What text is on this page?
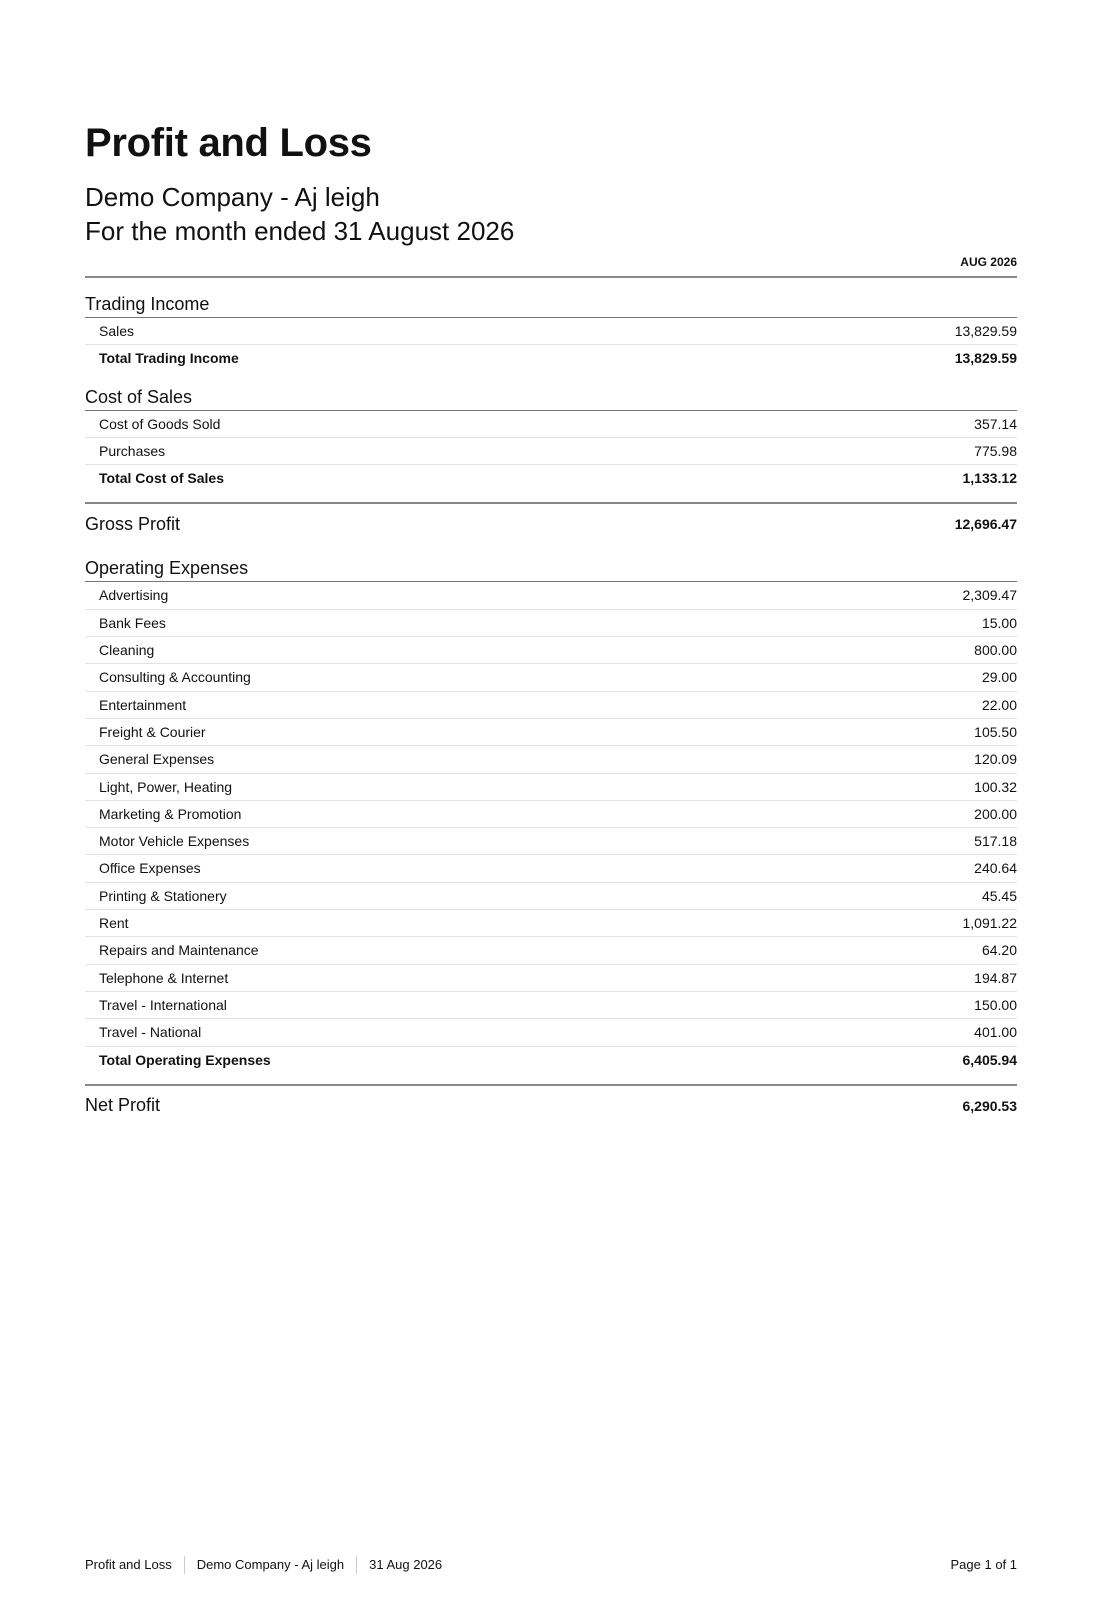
Profit and Loss
Demo Company - Aj leigh
For the month ended 31 August 2026
AUG 2026
Trading Income
Sales	13,829.59
Total Trading Income	13,829.59
Cost of Sales
Cost of Goods Sold	357.14
Purchases	775.98
Total Cost of Sales	1,133.12
Gross Profit	12,696.47
Operating Expenses
Advertising	2,309.47
Bank Fees	15.00
Cleaning	800.00
Consulting & Accounting	29.00
Entertainment	22.00
Freight & Courier	105.50
General Expenses	120.09
Light, Power, Heating	100.32
Marketing & Promotion	200.00
Motor Vehicle Expenses	517.18
Office Expenses	240.64
Printing & Stationery	45.45
Rent	1,091.22
Repairs and Maintenance	64.20
Telephone & Internet	194.87
Travel - International	150.00
Travel - National	401.00
Total Operating Expenses	6,405.94
Net Profit	6,290.53
Profit and Loss Demo Company - Aj leigh 31 Aug 2026	Page 1 of 1
